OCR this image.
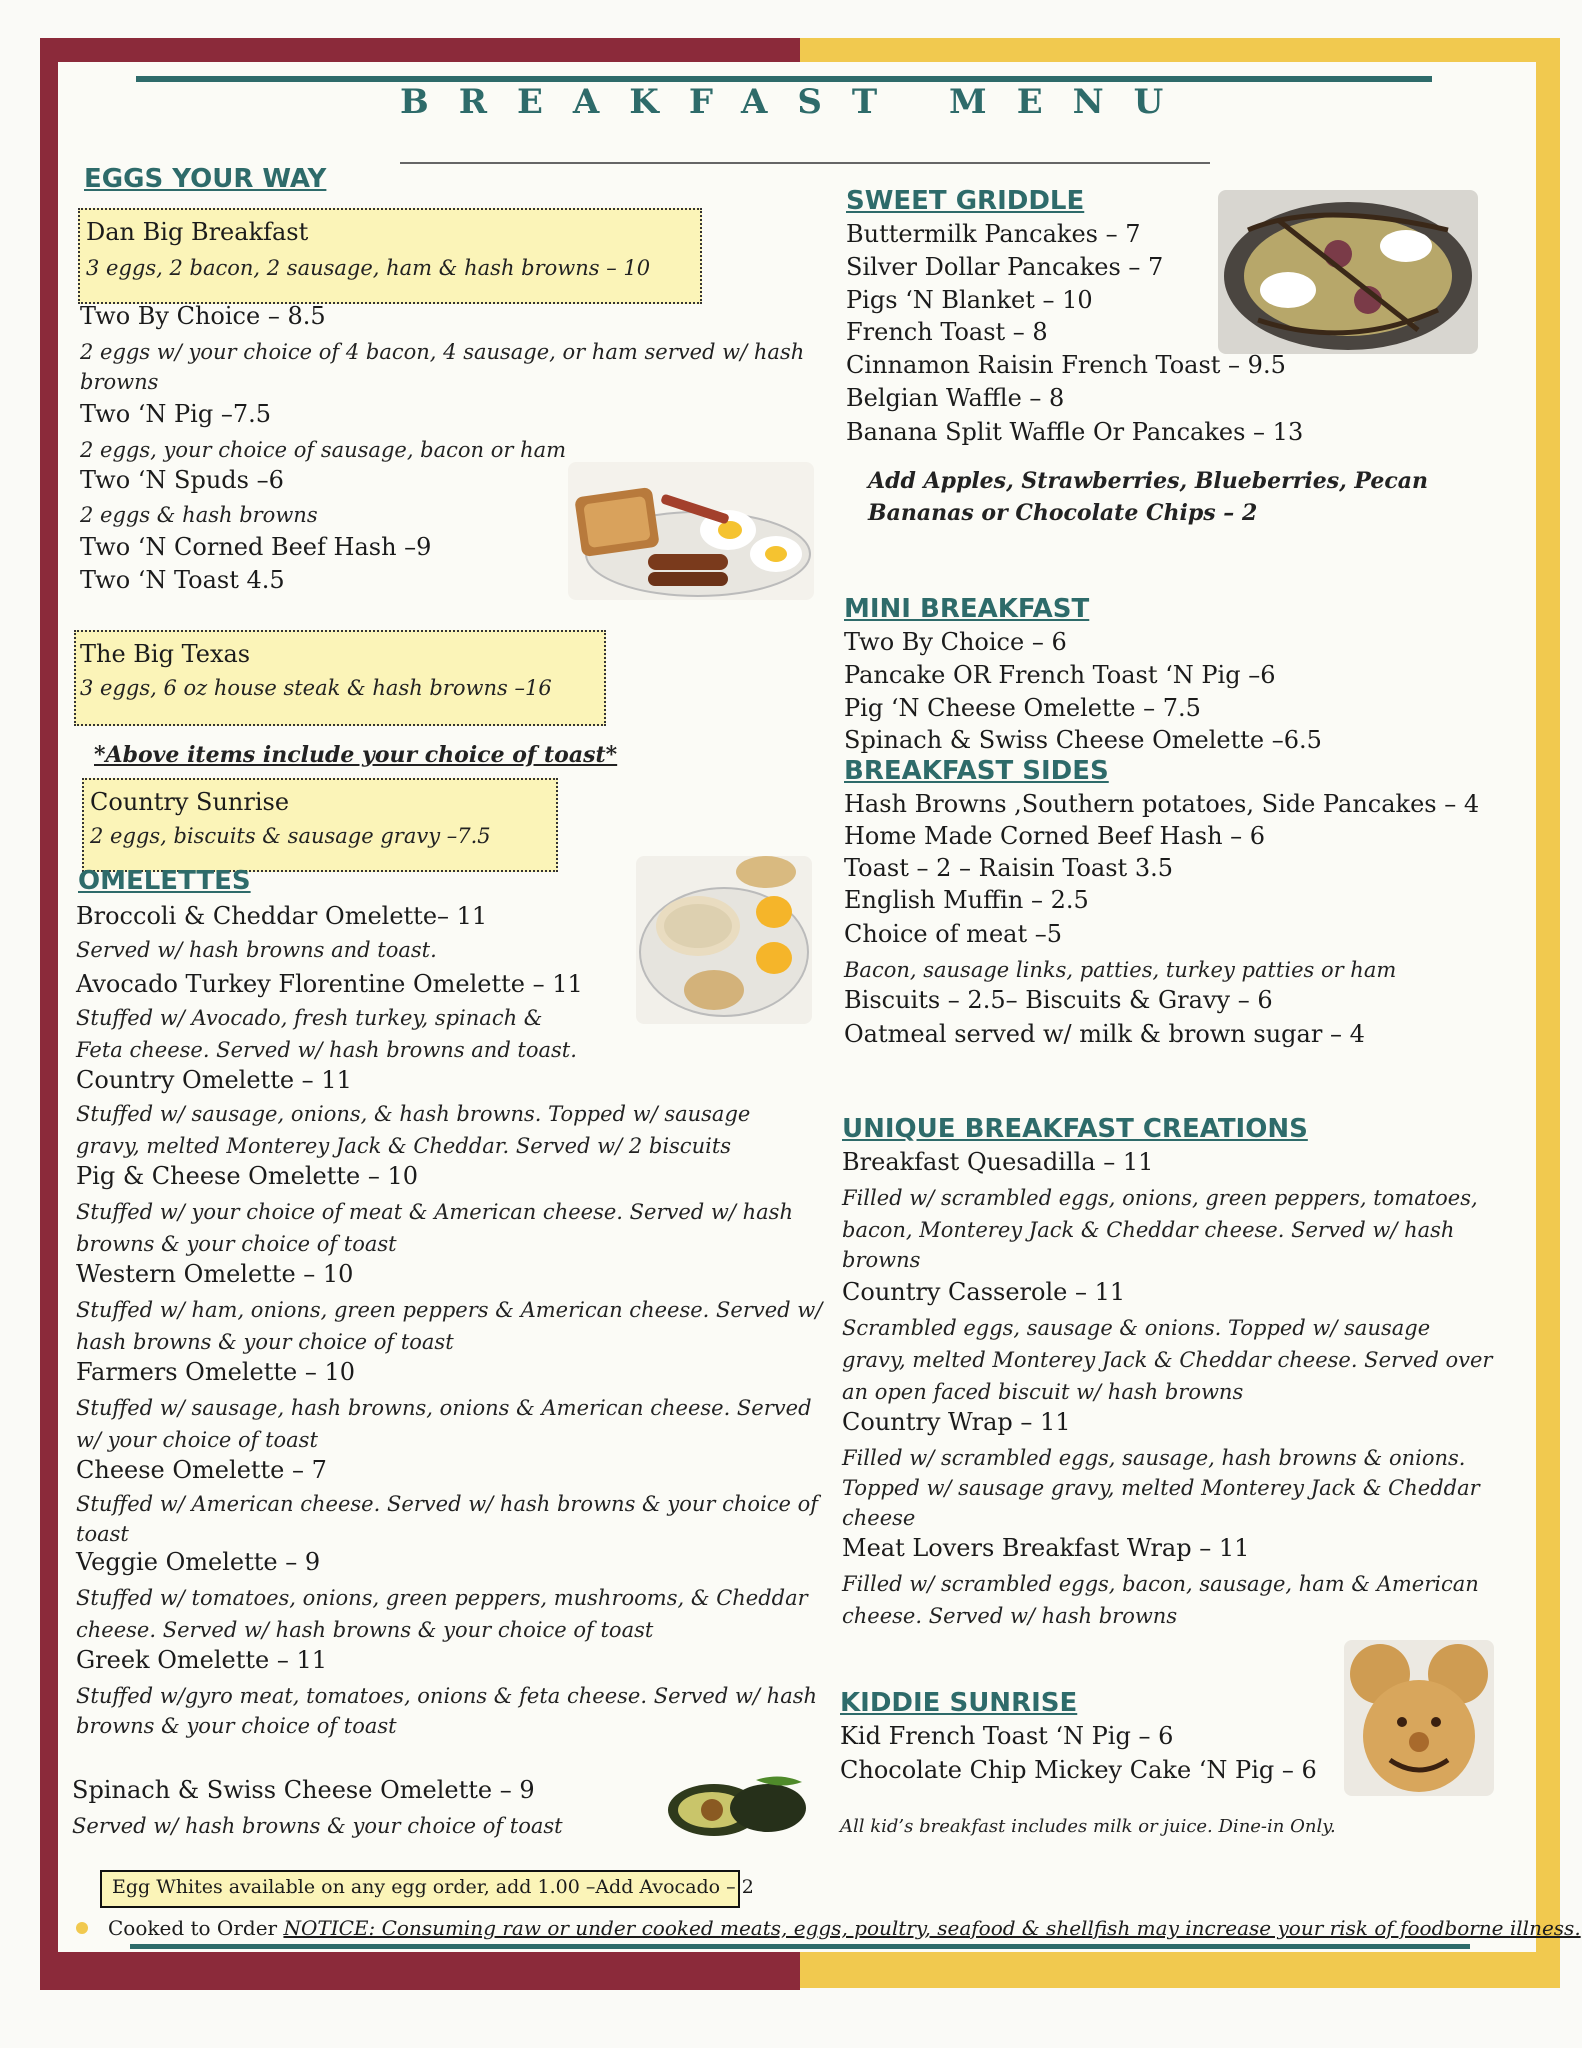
BREAKFAST MENU
EGGS YOUR WAY
Dan Big Breakfast
3 eggs, 2 bacon, 2 sausage, ham & hash browns – 10
Two By Choice – 8.5
2 eggs w/ your choice of 4 bacon, 4 sausage, or ham served w/ hash
browns
Two ‘N Pig –7.5
2 eggs, your choice of sausage, bacon or ham
Two ‘N Spuds –6
2 eggs & hash browns
Two ‘N Corned Beef Hash –9
Two ‘N Toast 4.5
The Big Texas
3 eggs, 6 oz house steak & hash browns –16
*Above items include your choice of toast*
Country Sunrise
2 eggs, biscuits & sausage gravy –7.5
OMELETTES
Broccoli & Cheddar Omelette– 11
Served w/ hash browns and toast.
Avocado Turkey Florentine Omelette – 11
Stuffed w/ Avocado, fresh turkey, spinach &
Feta cheese. Served w/ hash browns and toast.
Country Omelette – 11
Stuffed w/ sausage, onions, & hash browns. Topped w/ sausage
gravy, melted Monterey Jack & Cheddar. Served w/ 2 biscuits
Pig & Cheese Omelette – 10
Stuffed w/ your choice of meat & American cheese. Served w/ hash
browns & your choice of toast
Western Omelette – 10
Stuffed w/ ham, onions, green peppers & American cheese. Served w/
hash browns & your choice of toast
Farmers Omelette – 10
Stuffed w/ sausage, hash browns, onions & American cheese. Served
w/ your choice of toast
Cheese Omelette – 7
Stuffed w/ American cheese. Served w/ hash browns & your choice of
toast
Veggie Omelette – 9
Stuffed w/ tomatoes, onions, green peppers, mushrooms, & Cheddar
cheese. Served w/ hash browns & your choice of toast
Greek Omelette – 11
Stuffed w/gyro meat, tomatoes, onions & feta cheese. Served w/ hash
browns & your choice of toast
Spinach & Swiss Cheese Omelette – 9
Served w/ hash browns & your choice of toast
SWEET GRIDDLE
Buttermilk Pancakes – 7
Silver Dollar Pancakes – 7
Pigs ‘N Blanket – 10
French Toast – 8
Cinnamon Raisin French Toast – 9.5
Belgian Waffle – 8
Banana Split Waffle Or Pancakes – 13
Add Apples, Strawberries, Blueberries, Pecan
Bananas or Chocolate Chips – 2
MINI BREAKFAST
Two By Choice – 6
Pancake OR French Toast ‘N Pig –6
Pig ‘N Cheese Omelette – 7.5
Spinach & Swiss Cheese Omelette –6.5
BREAKFAST SIDES
Hash Browns ,Southern potatoes, Side Pancakes – 4
Home Made Corned Beef Hash – 6
Toast – 2 – Raisin Toast 3.5
English Muffin – 2.5
Choice of meat –5
Bacon, sausage links, patties, turkey patties or ham
Biscuits – 2.5– Biscuits & Gravy – 6
Oatmeal served w/ milk & brown sugar – 4
UNIQUE BREAKFAST CREATIONS
Breakfast Quesadilla – 11
Filled w/ scrambled eggs, onions, green peppers, tomatoes,
bacon, Monterey Jack & Cheddar cheese. Served w/ hash
browns
Country Casserole – 11
Scrambled eggs, sausage & onions. Topped w/ sausage
gravy, melted Monterey Jack & Cheddar cheese. Served over
an open faced biscuit w/ hash browns
Country Wrap – 11
Filled w/ scrambled eggs, sausage, hash browns & onions.
Topped w/ sausage gravy, melted Monterey Jack & Cheddar
cheese
Meat Lovers Breakfast Wrap – 11
Filled w/ scrambled eggs, bacon, sausage, ham & American
cheese. Served w/ hash browns
KIDDIE SUNRISE
Kid French Toast ‘N Pig – 6
Chocolate Chip Mickey Cake ‘N Pig – 6
All kid’s breakfast includes milk or juice. Dine-in Only.
Egg Whites available on any egg order, add 1.00 –Add Avocado – 2
Cooked to Order NOTICE: Consuming raw or under cooked meats, eggs, poultry, seafood & shellfish may increase your risk of foodborne illness.
